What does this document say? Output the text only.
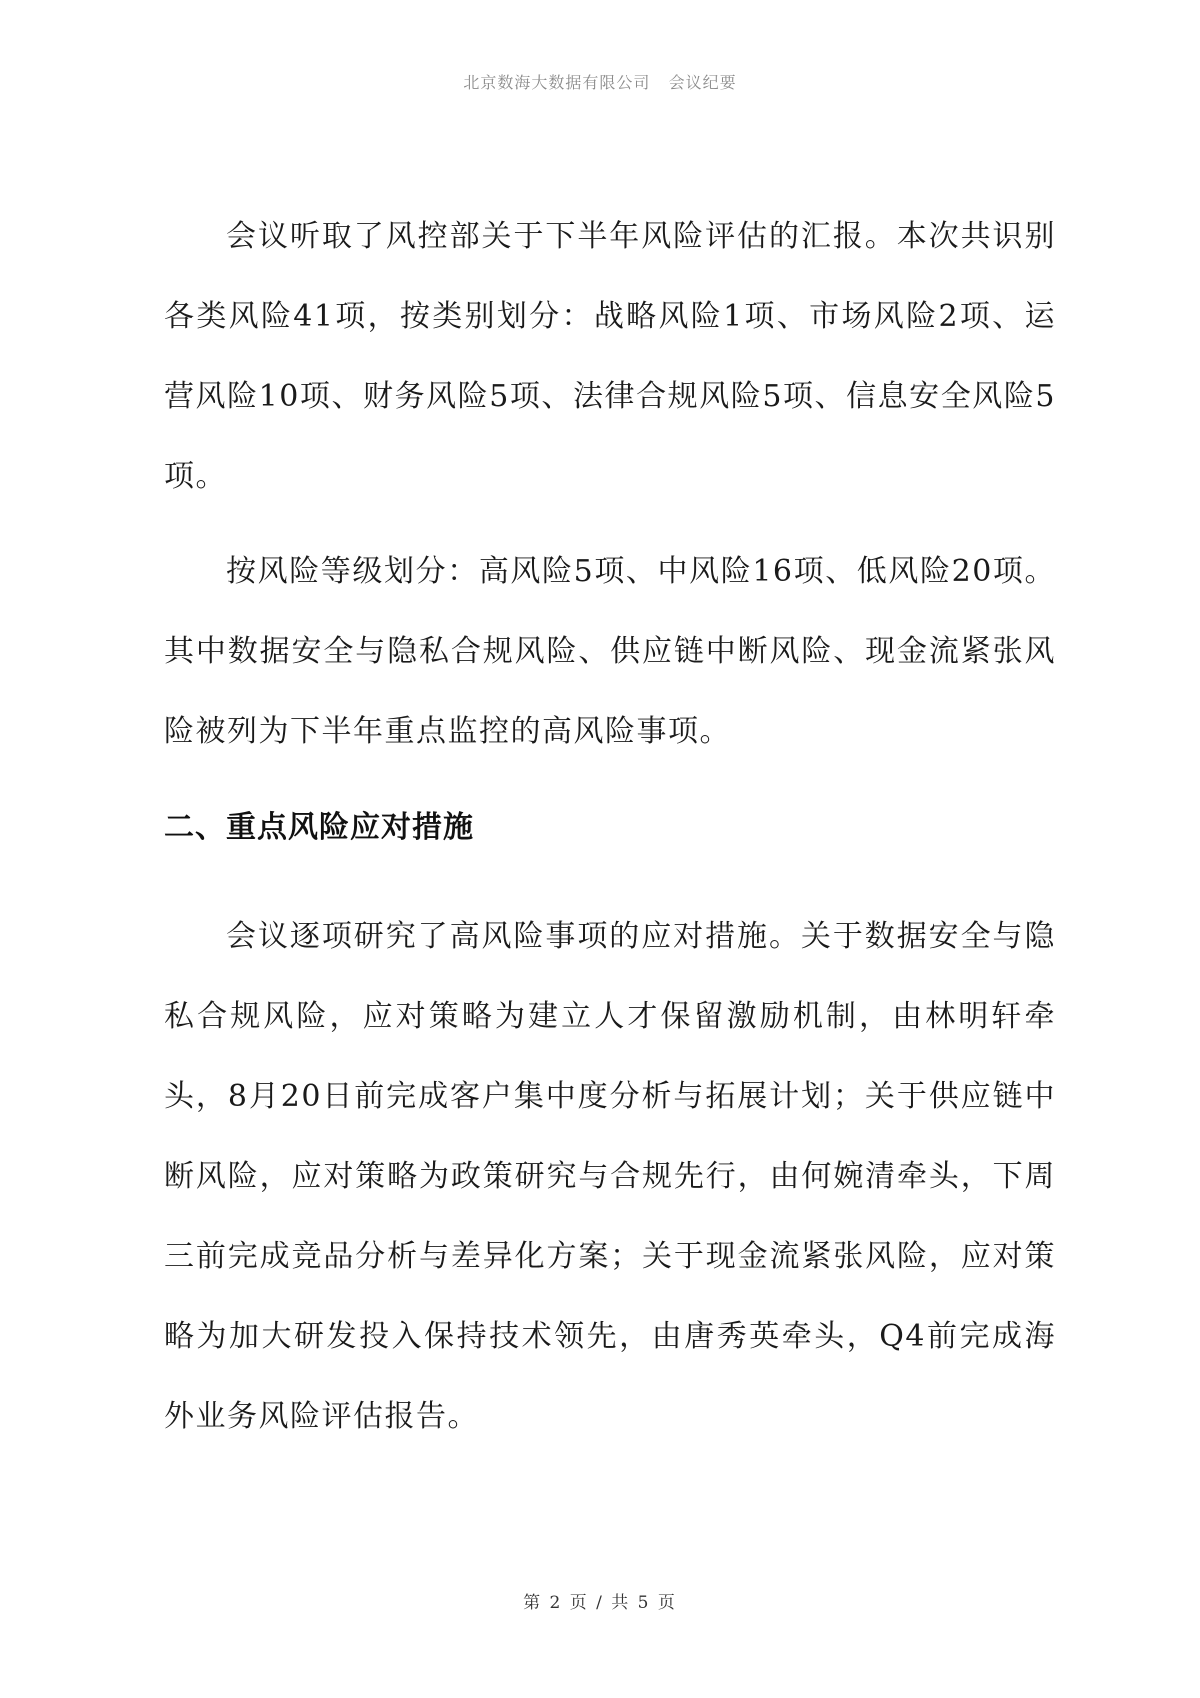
北京数海大数据有限公司   会议纪要

会议听取了风控部关于下半年风险评估的汇报。本次共识别各类风险41项，按类别划分：战略风险1项、市场风险2项、运营风险10项、财务风险5项、法律合规风险5项、信息安全风险5项。

按风险等级划分：高风险5项、中风险16项、低风险20项。其中数据安全与隐私合规风险、供应链中断风险、现金流紧张风险被列为下半年重点监控的高风险事项。

二、重点风险应对措施

会议逐项研究了高风险事项的应对措施。关于数据安全与隐私合规风险，应对策略为建立人才保留激励机制，由林明轩牵头，8月20日前完成客户集中度分析与拓展计划；关于供应链中断风险，应对策略为政策研究与合规先行，由何婉清牵头，下周三前完成竞品分析与差异化方案；关于现金流紧张风险，应对策略为加大研发投入保持技术领先，由唐秀英牵头，Q4前完成海外业务风险评估报告。

第 2 页 / 共 5 页
